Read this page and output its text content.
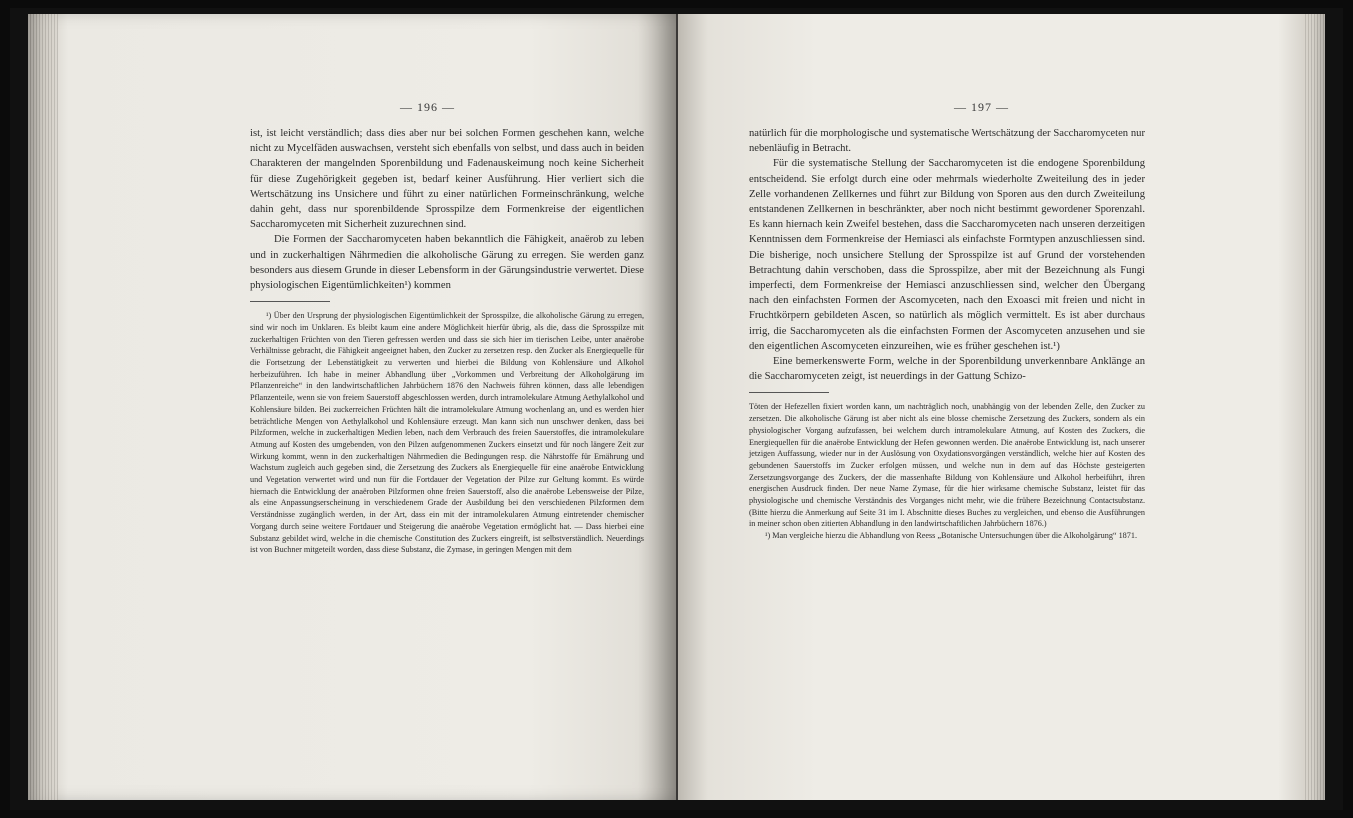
— 196 —

ist, ist leicht verständlich; dass dies aber nur bei solchen Formen geschehen kann, welche nicht zu Mycelfäden auswachsen, versteht sich ebenfalls von selbst, und dass auch in beiden Charakteren der mangelnden Sporenbildung und Fadenauskeimung noch keine Sicherheit für diese Zugehörigkeit gegeben ist, bedarf keiner Ausführung. Hier verliert sich die Wertschätzung ins Unsichere und führt zu einer natürlichen Formeinschränkung, welche dahin geht, dass nur sporenbildende Sprosspilze dem Formenkreise der eigentlichen Saccharomyceten mit Sicherheit zuzurechnen sind.

Die Formen der Saccharomyceten haben bekanntlich die Fähigkeit, anaërob zu leben und in zuckerhaltigen Nährmedien die alkoholische Gärung zu erregen. Sie werden ganz besonders aus diesem Grunde in dieser Lebensform in der Gärungsindustrie verwertet. Diese physiologischen Eigentümlichkeiten¹) kommen

¹) Über den Ursprung der physiologischen Eigentümlichkeit der Sprosspilze, die alkoholische Gärung zu erregen, sind wir noch im Unklaren. Es bleibt kaum eine andere Möglichkeit hierfür übrig, als die, dass die Sprosspilze mit zuckerhaltigen Früchten von den Tieren gefressen werden und dass sie sich hier im tierischen Leibe, unter anaërobe Verhältnisse gebracht, die Fähigkeit angeeignet haben, den Zucker zu zersetzen resp. den Zucker als Energiequelle für die Fortsetzung der Lebenstätigkeit zu verwerten und hierbei die Bildung von Kohlensäure und Alkohol herbeizuführen. Ich habe in meiner Abhandlung über „Vorkommen und Verbreitung der Alkoholgärung im Pflanzenreiche“ in den landwirtschaftlichen Jahrbüchern 1876 den Nachweis führen können, dass alle lebendigen Pflanzenteile, wenn sie von freiem Sauerstoff abgeschlossen werden, durch intramolekulare Atmung Aethylalkohol und Kohlensäure bilden. Bei zuckerreichen Früchten hält die intramolekulare Atmung wochenlang an, und es werden hier beträchtliche Mengen von Aethylalkohol und Kohlensäure erzeugt. Man kann sich nun unschwer denken, dass bei Pilzformen, welche in zuckerhaltigen Medien leben, nach dem Verbrauch des freien Sauerstoffes, die intramolekulare Atmung auf Kosten des umgebenden, von den Pilzen aufgenommenen Zuckers einsetzt und für noch längere Zeit zur Wirkung kommt, wenn in den zuckerhaltigen Nährmedien die Bedingungen resp. die Nährstoffe für Ernährung und Wachstum zugleich auch gegeben sind, die Zersetzung des Zuckers als Energiequelle für eine anaërobe Entwicklung und Vegetation verwertet wird und nun für die Fortdauer der Vegetation der Pilze zur Geltung kommt. Es würde hiernach die Entwicklung der anaëroben Pilzformen ohne freien Sauerstoff, also die anaërobe Lebensweise der Pilze, als eine Anpassungserscheinung in verschiedenem Grade der Ausbildung bei den verschiedenen Pilzformen dem Verständnisse zugänglich werden, in der Art, dass ein mit der intramolekularen Atmung eintretender chemischer Vorgang durch seine weitere Fortdauer und Steigerung die anaërobe Vegetation ermöglicht hat. — Dass hierbei eine Substanz gebildet wird, welche in die chemische Constitution des Zuckers eingreift, ist selbstverständlich. Neuerdings ist von Buchner mitgeteilt worden, dass diese Substanz, die Zymase, in geringen Mengen mit dem

— 197 —

natürlich für die morphologische und systematische Wertschätzung der Saccharomyceten nur nebenläufig in Betracht.

Für die systematische Stellung der Saccharomyceten ist die endogene Sporenbildung entscheidend. Sie erfolgt durch eine oder mehrmals wiederholte Zweiteilung des in jeder Zelle vorhandenen Zellkernes und führt zur Bildung von Sporen aus den durch Zweiteilung entstandenen Zellkernen in beschränkter, aber noch nicht bestimmt gewordener Sporenzahl. Es kann hiernach kein Zweifel bestehen, dass die Saccharomyceten nach unseren derzeitigen Kenntnissen dem Formenkreise der Hemiasci als einfachste Formtypen anzuschliessen sind. Die bisherige, noch unsichere Stellung der Sprosspilze ist auf Grund der vorstehenden Betrachtung dahin verschoben, dass die Sprosspilze, aber mit der Bezeichnung als Fungi imperfecti, dem Formenkreise der Hemiasci anzuschliessen sind, welcher den Übergang nach den einfachsten Formen der Ascomyceten, nach den Exoasci mit freien und nicht in Fruchtkörpern gebildeten Ascen, so natürlich als möglich vermittelt. Es ist aber durchaus irrig, die Saccharomyceten als die einfachsten Formen der Ascomyceten anzusehen und sie den eigentlichen Ascomyceten einzureihen, wie es früher geschehen ist.¹)

Eine bemerkenswerte Form, welche in der Sporenbildung unverkennbare Anklänge an die Saccharomyceten zeigt, ist neuerdings in der Gattung Schizo-

Töten der Hefezellen fixiert worden kann, um nachträglich noch, unabhängig von der lebenden Zelle, den Zucker zu zersetzen. Die alkoholische Gärung ist aber nicht als eine blosse chemische Zersetzung des Zuckers, sondern als ein physiologischer Vorgang aufzufassen, bei welchem durch intramolekulare Atmung, auf Kosten des Zuckers, die Energiequellen für die anaërobe Entwicklung der Hefen gewonnen werden. Die anaërobe Entwicklung ist, nach unserer jetzigen Auffassung, wieder nur in der Auslösung von Oxydationsvorgängen verständlich, welche hier auf Kosten des gebundenen Sauerstoffs im Zucker erfolgen müssen, und welche nun in dem auf das Höchste gesteigerten Zersetzungsvorgange des Zuckers, der die massenhafte Bildung von Kohlensäure und Alkohol herbeiführt, ihren energischen Ausdruck finden. Der neue Name Zymase, für die hier wirksame chemische Substanz, leistet für das physiologische und chemische Verständnis des Vorganges nicht mehr, wie die frühere Bezeichnung Contactsubstanz. (Bitte hierzu die Anmerkung auf Seite 31 im I. Abschnitte dieses Buches zu vergleichen, und ebenso die Ausführungen in meiner schon oben zitierten Abhandlung in den landwirtschaftlichen Jahrbüchern 1876.)

¹) Man vergleiche hierzu die Abhandlung von Reess „Botanische Untersuchungen über die Alkoholgärung“ 1871.
